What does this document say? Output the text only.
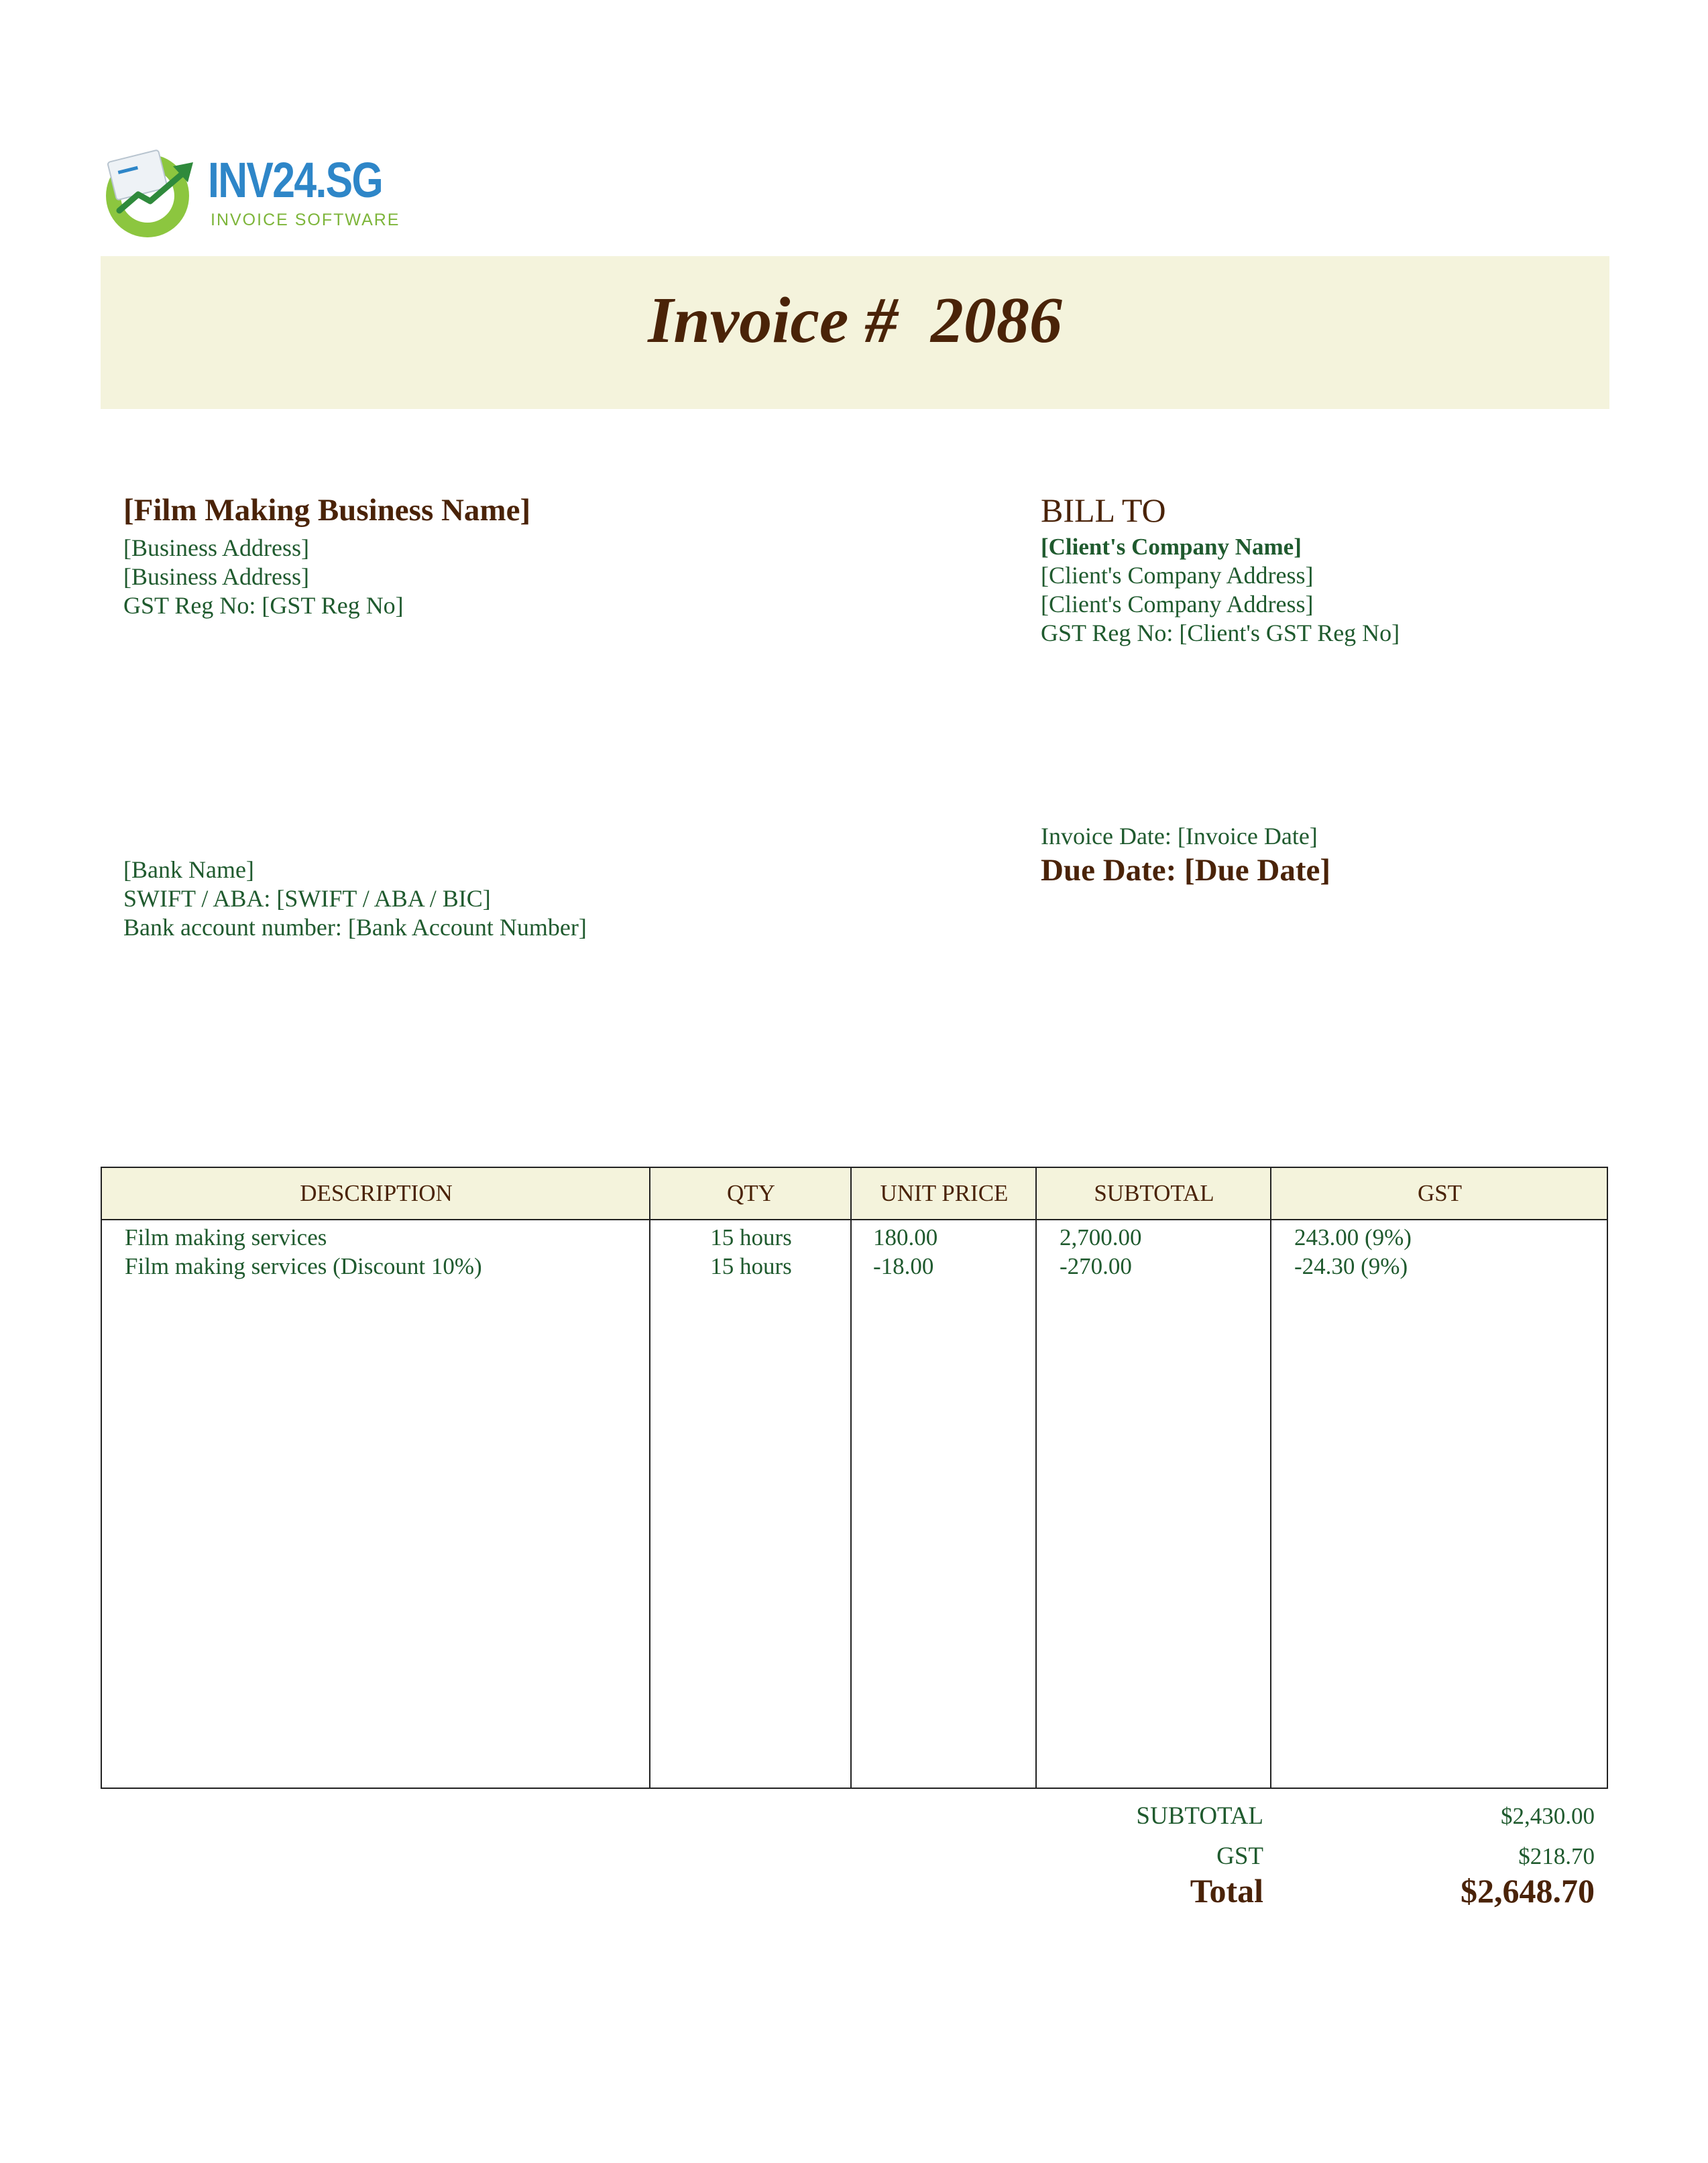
INV24.SG
INVOICE SOFTWARE
Invoice #  2086
[Film Making Business Name]
[Business Address]
[Business Address]
GST Reg No: [GST Reg No]
BILL TO
[Client's Company Name]
[Client's Company Address]
[Client's Company Address]
GST Reg No: [Client's GST Reg No]
[Bank Name]
SWIFT / ABA: [SWIFT / ABA / BIC]
Bank account number: [Bank Account Number]
Invoice Date: [Invoice Date]
Due Date: [Due Date]
DESCRIPTION	QTY	UNIT PRICE	SUBTOTAL	GST
Film making services	15 hours	180.00	2,700.00	243.00 (9%)
Film making services (Discount 10%)	15 hours	-18.00	-270.00	-24.30 (9%)
SUBTOTAL	$2,430.00
GST	$218.70
Total	$2,648.70
